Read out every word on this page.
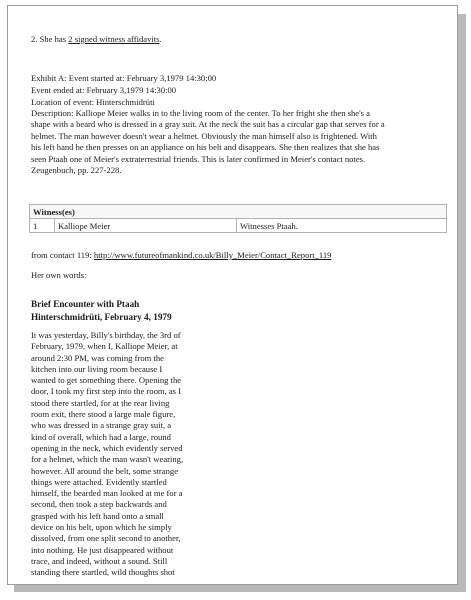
2. She has 2 signed witness affidavits.
Exhibit A: Event started at: February 3,1979 14:30:00
Event ended at: February 3,1979 14:30:00
Location of event: Hinterschmidrüti
Description: Kalliope Meier walks in to the living room of the center. To her fright she then she's a
shape with a beard who is dressed in a gray suit. At the neck the suit has a circular gap that serves for a
helmet. The man however doesn't wear a helmet. Obviously the man himself also is frightened. With
his left hand he then presses on an appliance on his belt and disappears. She then realizes that she has
seen Ptaah one of Meier's extraterrestrial friends. This is later confirmed in Meier's contact notes.
Zeugenbuch, pp. 227-228.
Witness(es)
1	Kalliope Meier	Witnesses Ptaah.
from contact 119: http://www.futureofmankind.co.uk/Billy_Meier/Contact_Report_119
Her own words:
Brief Encounter with Ptaah
Hinterschmidrüti, February 4, 1979
It was yesterday, Billy's birthday, the 3rd of
February, 1979, when I, Kalliope Meier, at
around 2:30 PM, was coming from the
kitchen into our living room because I
wanted to get something there. Opening the
door, I took my first step into the room, as I
stood there startled, for at the rear living
room exit, there stood a large male figure,
who was dressed in a strange gray suit, a
kind of overall, which had a large, round
opening in the neck, which evidently served
for a helmet, which the man wasn't wearing,
however. All around the belt, some strange
things were attached. Evidently startled
himself, the bearded man looked at me for a
second, then took a step backwards and
grasped with his left hand onto a small
device on his belt, upon which he simply
dissolved, from one split second to another,
into nothing. He just disappeared without
trace, and indeed, without a sound. Still
standing there startled, wild thoughts shot
